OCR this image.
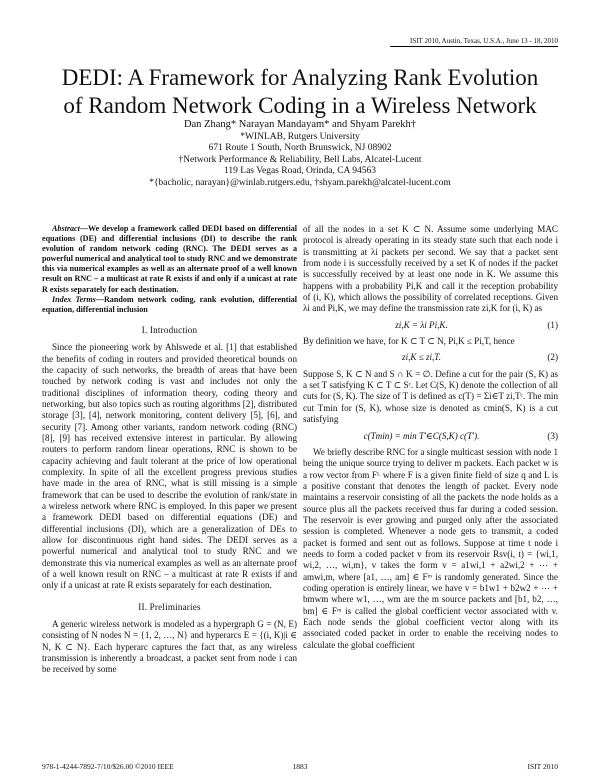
ISIT 2010, Austin, Texas, U.S.A., June 13 - 18, 2010
DEDI: A Framework for Analyzing Rank Evolution
of Random Network Coding in a Wireless Network
Dan Zhang* Narayan Mandayam* and Shyam Parekh†
*WINLAB, Rutgers University
671 Route 1 South, North Brunswick, NJ 08902
†Network Performance & Reliability, Bell Labs, Alcatel-Lucent
119 Las Vegas Road, Orinda, CA 94563
*{bacholic, narayan}@winlab.rutgers.edu, †shyam.parekh@alcatel-lucent.com

Abstract—We develop a framework called DEDI based on differential equations (DE) and differential inclusions (DI) to describe the rank evolution of random network coding (RNC). The DEDI serves as a powerful numerical and analytical tool to study RNC and we demonstrate this via numerical examples as well as an alternate proof of a well known result on RNC – a multicast at rate R exists if and only if a unicast at rate R exists separately for each destination.

Index Terms—Random network coding, rank evolution, differential equation, differential inclusion

I. Introduction

Since the pioneering work by Ahlswede et al. [1] that established the benefits of coding in routers and provided theoretical bounds on the capacity of such networks, the breadth of areas that have been touched by network coding is vast and includes not only the traditional disciplines of information theory, coding theory and networking, but also topics such as routing algorithms [2], distributed storage [3], [4], network monitoring, content delivery [5], [6], and security [7]. Among other variants, random network coding (RNC) [8], [9] has received extensive interest in particular. By allowing routers to perform random linear operations, RNC is shown to be capacity achieving and fault tolerant at the price of low operational complexity. In spite of all the excellent progress previous studies have made in the area of RNC, what is still missing is a simple framework that can be used to describe the evolution of rank/state in a wireless network where RNC is employed. In this paper we present a framework DEDI based on differential equations (DE) and differential inclusions (DI), which are a generalization of DEs to allow for discontinuous right hand sides. The DEDI serves as a powerful numerical and analytical tool to study RNC and we demonstrate this via numerical examples as well as an alternate proof of a well known result on RNC – a multicast at rate R exists if and only if a unicast at rate R exists separately for each destination.

II. Preliminaries

A generic wireless network is modeled as a hypergraph G = (N, E) consisting of N nodes N = {1, 2, …, N} and hyperarcs E = {(i, K)|i ∈ N, K ⊂ N}. Each hyperarc captures the fact that, as any wireless transmission is inherently a broadcast, a packet sent from node i can be received by some

of all the nodes in a set K ⊂ N. Assume some underlying MAC protocol is already operating in its steady state such that each node i is transmitting at λi packets per second. We say that a packet sent from node i is successfully received by a set K of nodes if the packet is successfully received by at least one node in K. We assume this happens with a probability Pi,K and call it the reception probability of (i, K), which allows the possibility of correlated receptions. Given λi and Pi,K, we may define the transmission rate zi,K for (i, K) as

zi,K = λi Pi,K.	(1)

By definition we have, for K ⊂ T ⊂ N, Pi,K ≤ Pi,T, hence

zi,K ≤ zi,T.	(2)

Suppose S, K ⊂ N and S ∩ K = ∅. Define a cut for the pair (S, K) as a set T satisfying K ⊂ T ⊂ Sᶜ. Let C(S, K) denote the collection of all cuts for (S, K). The size of T is defined as c(T) = Σi∈T zi,Tᶜ. The min cut Tmin for (S, K), whose size is denoted as cmin(S, K) is a cut satisfying

c(Tmin) = min T′∈C(S,K) c(T′).	(3)

We briefly describe RNC for a single multicast session with node 1 being the unique source trying to deliver m packets. Each packet w is a row vector from Fᴸ where F is a given finite field of size q and L is a positive constant that denotes the length of packet. Every node maintains a reservoir consisting of all the packets the node holds as a source plus all the packets received thus far during a coded session. The reservoir is ever growing and purged only after the associated session is completed. Whenever a node gets to transmit, a coded packet is formed and sent out as follows. Suppose at time t node i needs to form a coded packet v from its reservoir Rsv(i, t) = {wi,1, wi,2, …, wi,m}, v takes the form v = a1wi,1 + a2wi,2 + ⋯ + amwi,m, where [a1, …, am] ∈ Fᵐ is randomly generated. Since the coding operation is entirely linear, we have v = b1w1 + b2w2 + ⋯ + bmwm where w1, …, wm are the m source packets and [b1, b2, …, bm] ∈ Fᵐ is called the global coefficient vector associated with v. Each node sends the global coefficient vector along with its associated coded packet in order to enable the receiving nodes to calculate the global coefficient

978-1-4244-7892-7/10/$26.00 ©2010 IEEE	1883	ISIT 2010
